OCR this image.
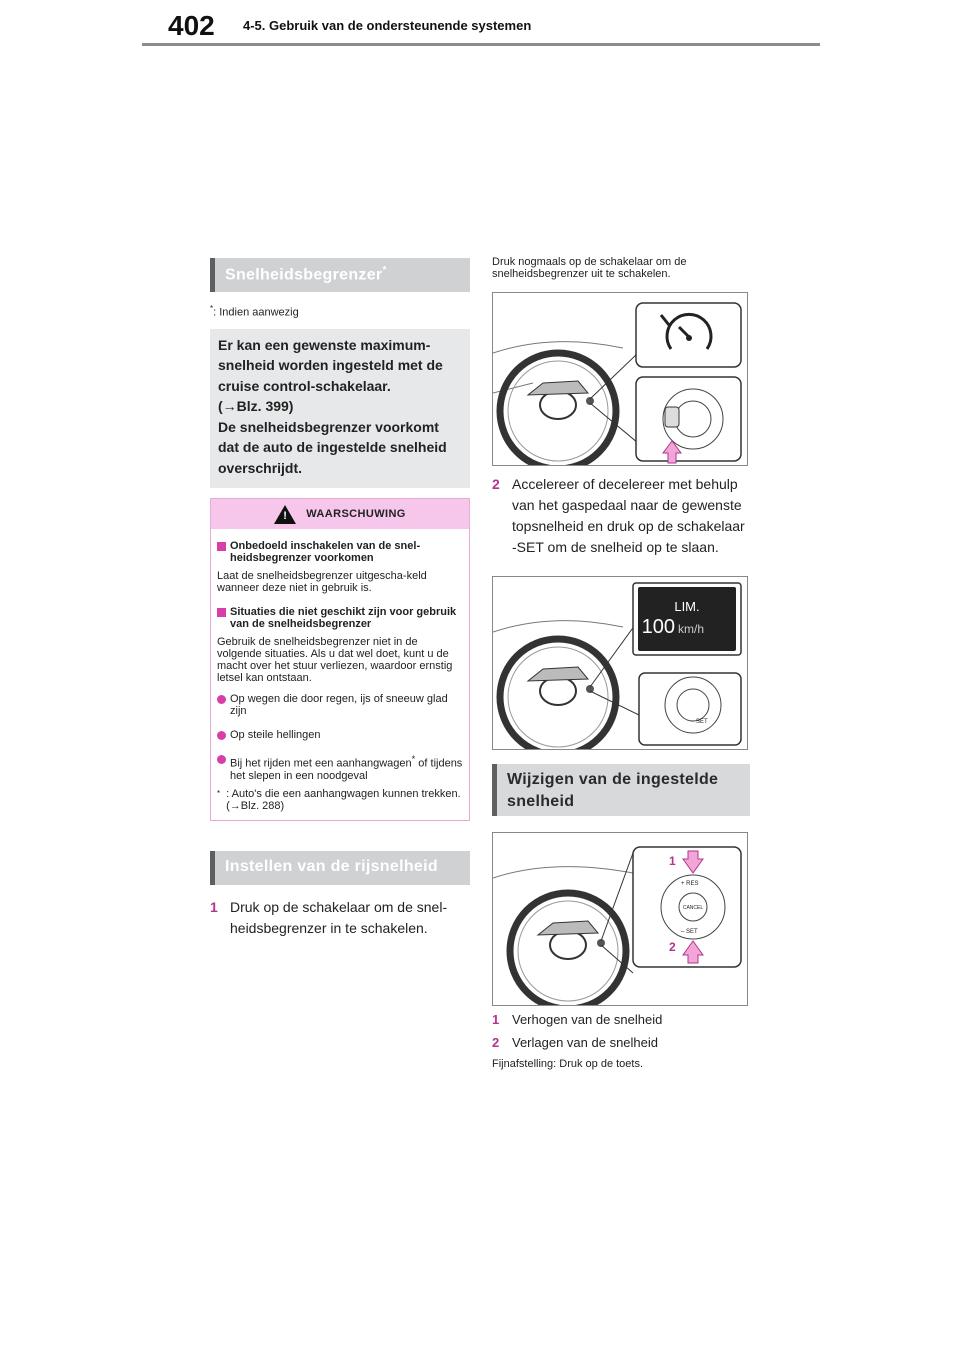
402 4-5. Gebruik van de ondersteunende systemen
Snelheidsbegrenzer*
*: Indien aanwezig

Er kan een gewenste maximum-

snelheid worden ingesteld met de

cruise control-schakelaar.

(→Blz. 399)

De snelheidsbegrenzer voorkomt

dat de auto de ingestelde snelheid

overschrijdt.

! WAARSCHUWING
Onbedoeld inschakelen van de snel-heidsbegrenzer voorkomen
Laat de snelheidsbegrenzer uitgescha-keld wanneer deze niet in gebruik is.
Situaties die niet geschikt zijn voor gebruik van de snelheidsbegrenzer
Gebruik de snelheidsbegrenzer niet in de volgende situaties. Als u dat wel doet, kunt u de macht over het stuur verliezen, waardoor ernstig letsel kan ontstaan.
Op wegen die door regen, ijs of sneeuw glad zijn
Op steile hellingen
Bij het rijden met een aanhangwagen* of tijdens het slepen in een noodgeval
* : Auto's die een aanhangwagen kunnen trekken. (→Blz. 288)
Instellen van de rijsnelheid
1 Druk op de schakelaar om de snel-heidsbegrenzer in te schakelen.
Druk nogmaals op de schakelaar om de snelheidsbegrenzer uit te schakelen.
2 Accelereer of decelereer met behulp van het gaspedaal naar de gewenste topsnelheid en druk op de schakelaar -SET om de snelheid op te slaan.
LIM.
100 km/h
– SET
Wijzigen van de ingestelde snelheid
CANCEL
+ RES
– SET
1
2
1 Verhogen van de snelheid
2 Verlagen van de snelheid
Fijnafstelling: Druk op de toets.
